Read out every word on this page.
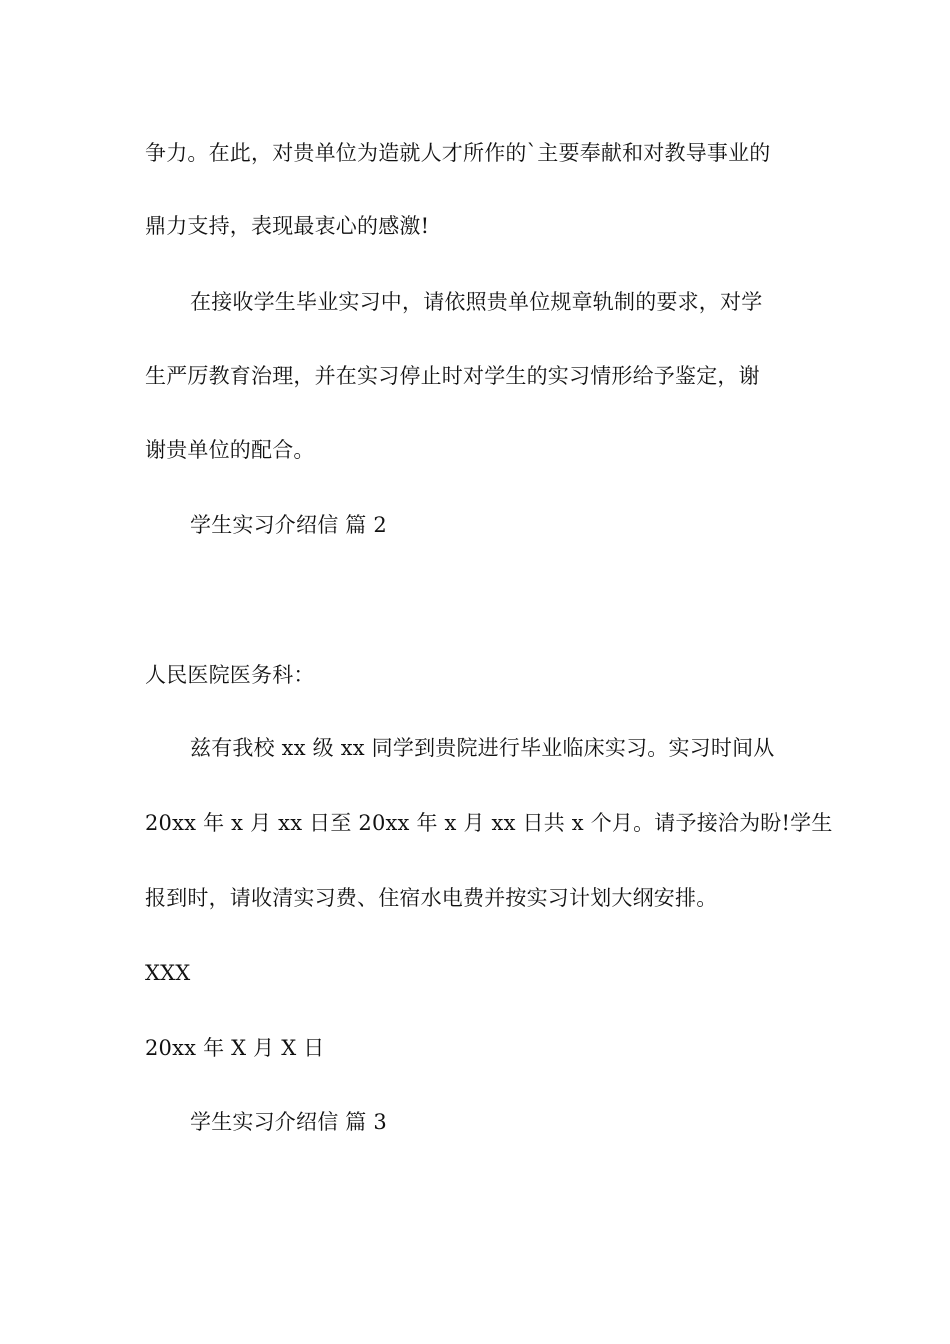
争力。在此，对贵单位为造就人才所作的`主要奉献和对教导事业的
鼎力支持，表现最衷心的感激!
在接收学生毕业实习中，请依照贵单位规章轨制的要求，对学
生严厉教育治理，并在实习停止时对学生的实习情形给予鉴定，谢
谢贵单位的配合。
学生实习介绍信 篇 2
人民医院医务科：
兹有我校 xx 级 xx 同学到贵院进行毕业临床实习。实习时间从
20xx 年 x 月 xx 日至 20xx 年 x 月 xx 日共 x 个月。请予接洽为盼!学生
报到时，请收清实习费、住宿水电费并按实习计划大纲安排。
XXX
20xx 年 X 月 X 日
学生实习介绍信 篇 3
